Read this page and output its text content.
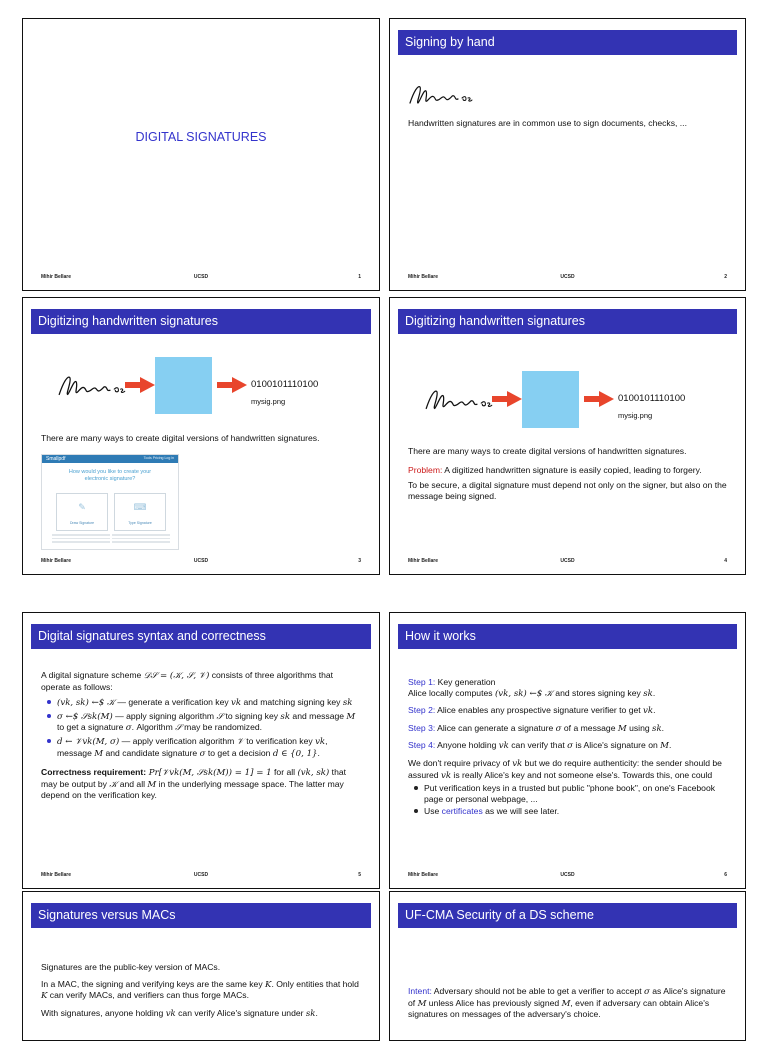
DIGITAL SIGNATURES
Mihir Bellare	UCSD	1
Signing by hand

Handwritten signatures are in common use to sign documents, checks, ...

Mihir Bellare	UCSD	2
Digitizing handwritten signatures
0100101110100
mysig.png

There are many ways to create digital versions of handwritten signatures.

Smallpdf	Tools Pricing Log in
How would you like to create your
electronic signature?
✎
Draw Signature
⌨
Type Signature
Mihir Bellare	UCSD	3
Digitizing handwritten signatures
0100101110100
mysig.png

There are many ways to create digital versions of handwritten signatures.

Problem: A digitized handwritten signature is easily copied, leading to forgery.

To be secure, a digital signature must depend not only on the signer, but also on the message being signed.

Mihir Bellare	UCSD	4
Digital signatures syntax and correctness

A digital signature scheme 𝒟𝒮 = (𝒦, 𝒮, 𝒱) consists of three algorithms that operate as follows:

(vk, sk) ←$ 𝒦 — generate a verification key vk and matching signing key sk
σ ←$ 𝒮sk(M) — apply signing algorithm 𝒮 to signing key sk and message M to get a signature σ. Algorithm 𝒮 may be randomized.
d ← 𝒱vk(M, σ) — apply verification algorithm 𝒱 to verification key vk, message M and candidate signature σ to get a decision d ∈ {0, 1}.

Correctness requirement: Pr[𝒱vk(M, 𝒮sk(M)) = 1] = 1 for all (vk, sk) that may be output by 𝒦 and all M in the underlying message space. The latter may depend on the verification key.

Mihir Bellare	UCSD	5
How it works

Step 1: Key generation
Alice locally computes (vk, sk) ←$ 𝒦 and stores signing key sk.

Step 2: Alice enables any prospective signature verifier to get vk.

Step 3: Alice can generate a signature σ of a message M using sk.

Step 4: Anyone holding vk can verify that σ is Alice's signature on M.

We don't require privacy of vk but we do require authenticity: the sender should be assured vk is really Alice's key and not someone else's. Towards this, one could

Put verification keys in a trusted but public "phone book", on one's Facebook page or personal webpage, ...
Use certificates as we will see later.
Mihir Bellare	UCSD	6
Signatures versus MACs

Signatures are the public-key version of MACs.

In a MAC, the signing and verifying keys are the same key K. Only entities that hold K can verify MACs, and verifiers can thus forge MACs.

With signatures, anyone holding vk can verify Alice's signature under sk.

UF-CMA Security of a DS scheme

Intent: Adversary should not be able to get a verifier to accept σ as Alice's signature of M unless Alice has previously signed M, even if adversary can obtain Alice's signatures on messages of the adversary's choice.
